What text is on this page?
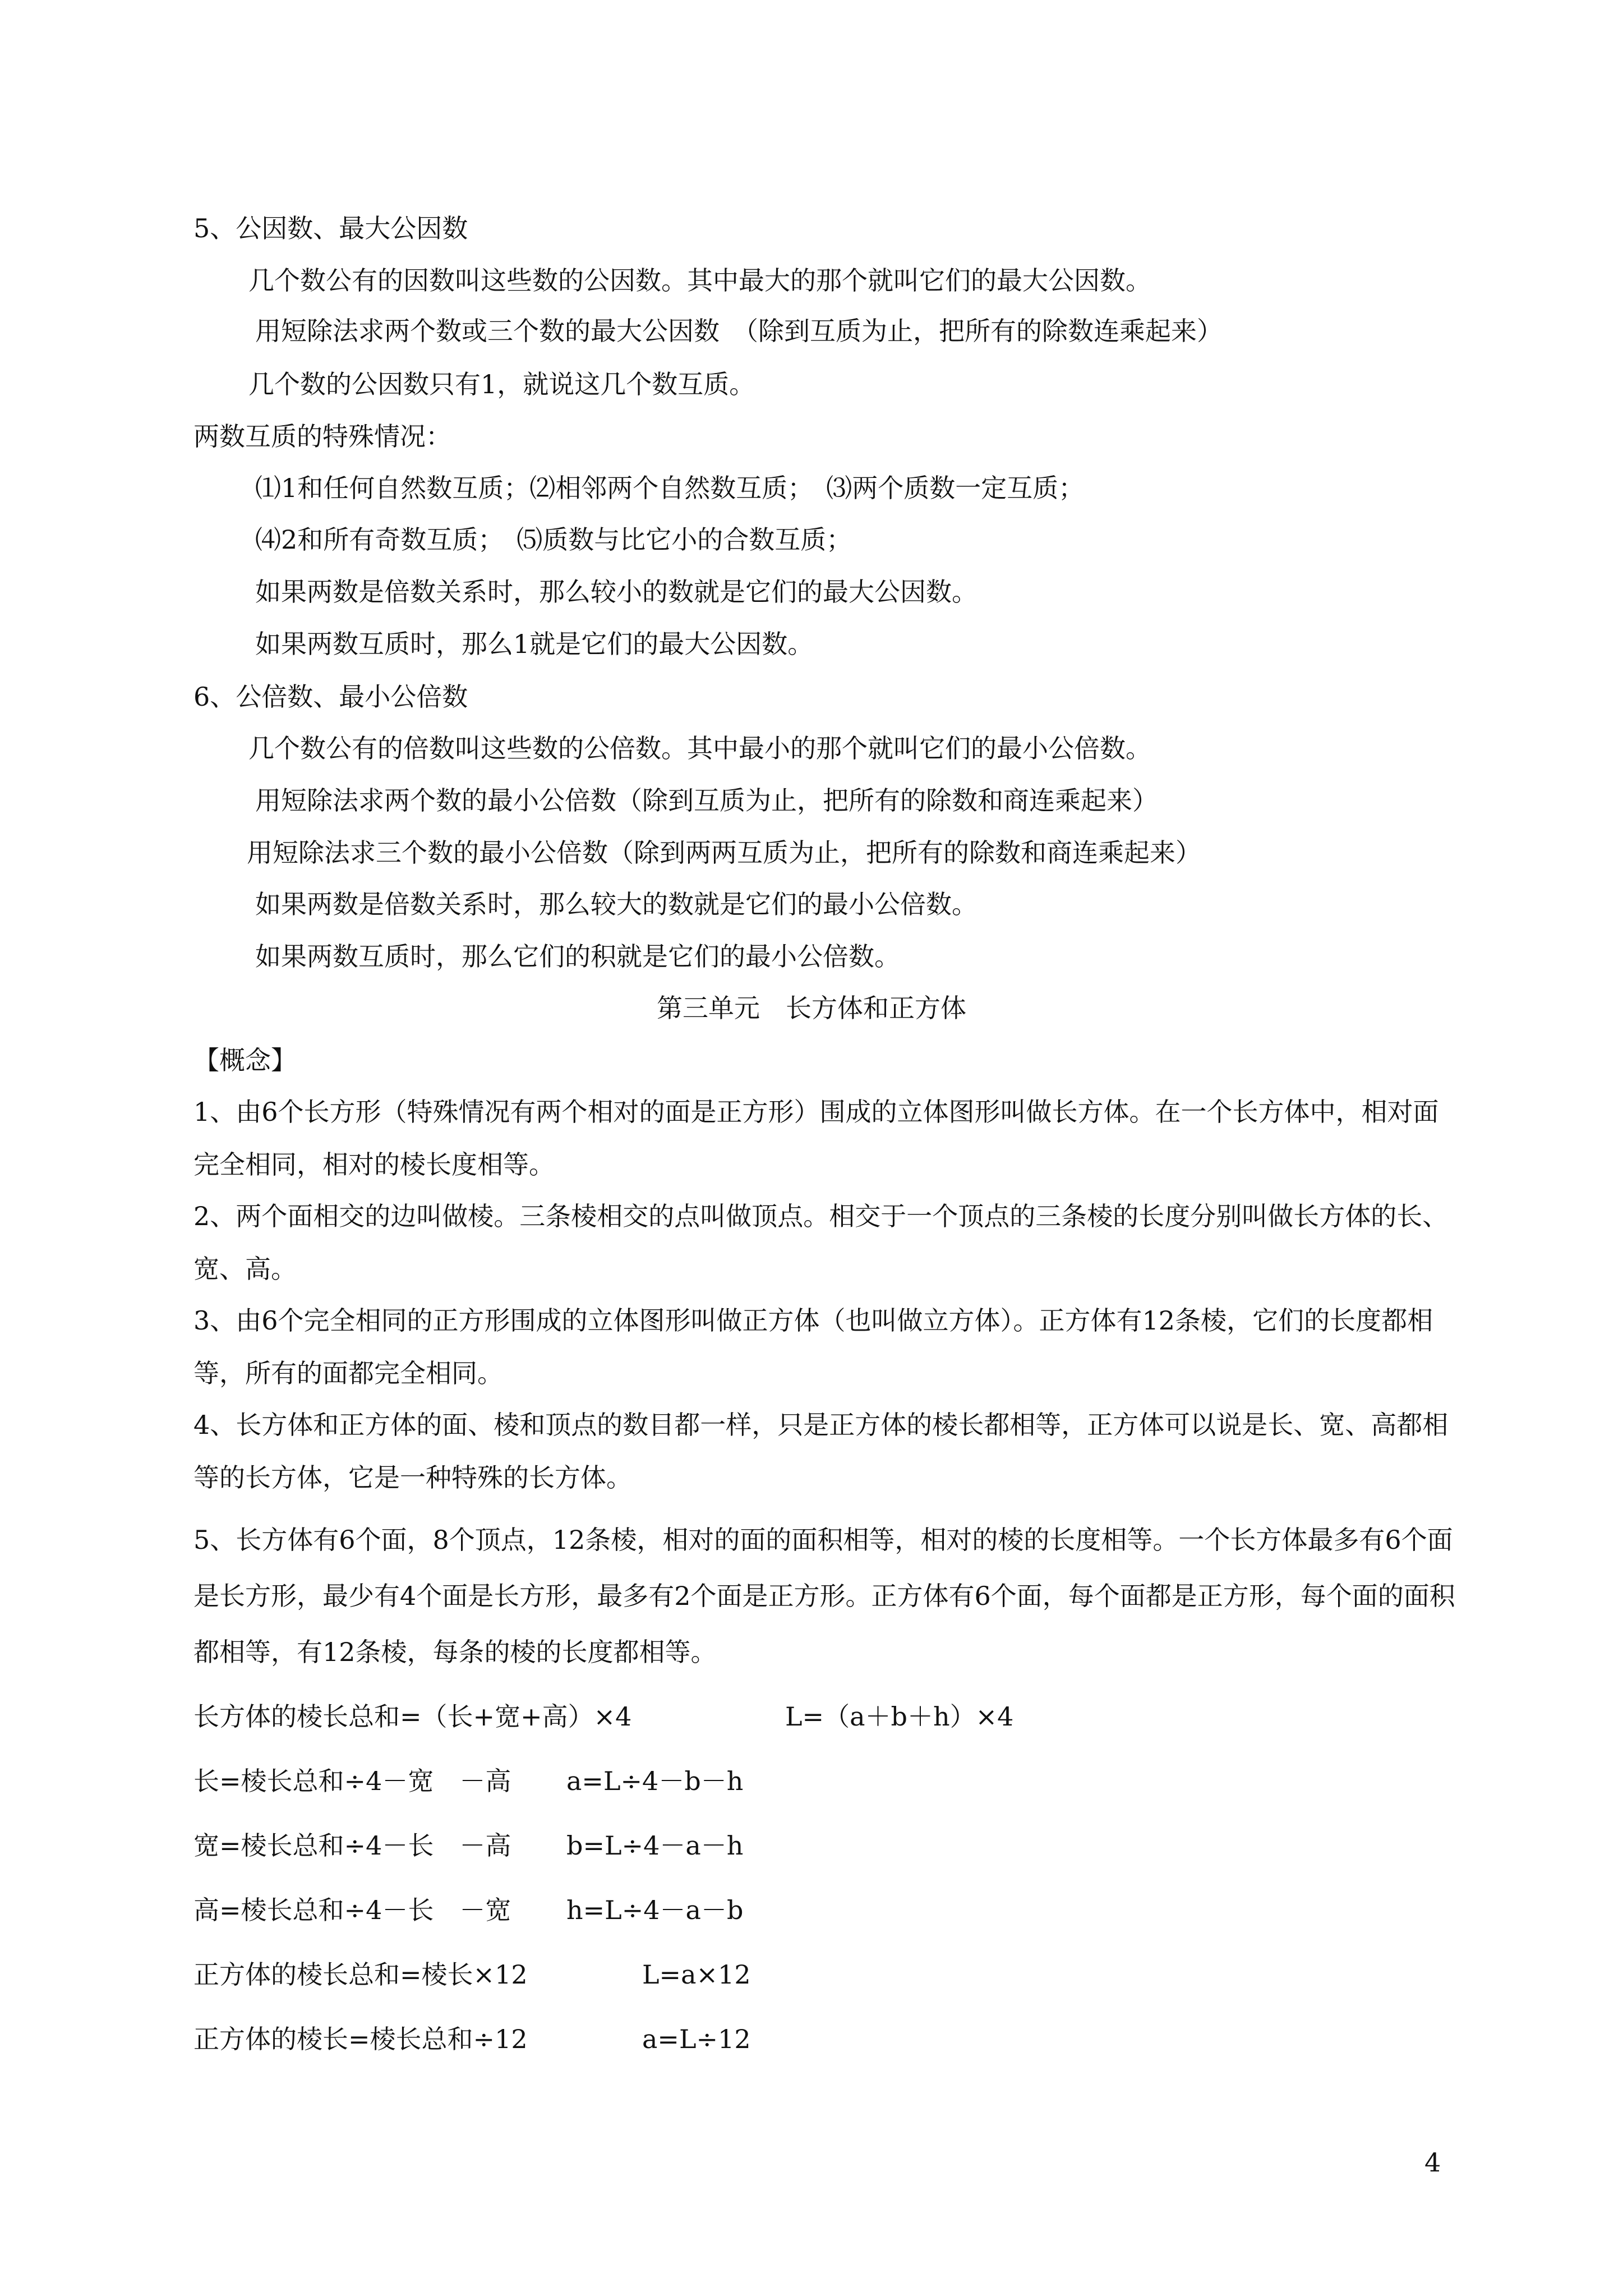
5、公因数、最大公因数
几个数公有的因数叫这些数的公因数。其中最大的那个就叫它们的最大公因数。
用短除法求两个数或三个数的最大公因数　（除到互质为止，把所有的除数连乘起来）
几个数的公因数只有1，就说这几个数互质。
两数互质的特殊情况：
⑴1和任何自然数互质；⑵相邻两个自然数互质；　⑶两个质数一定互质；
⑷2和所有奇数互质；　⑸质数与比它小的合数互质；
如果两数是倍数关系时，那么较小的数就是它们的最大公因数。
如果两数互质时，那么1就是它们的最大公因数。
6、公倍数、最小公倍数
几个数公有的倍数叫这些数的公倍数。其中最小的那个就叫它们的最小公倍数。
用短除法求两个数的最小公倍数（除到互质为止，把所有的除数和商连乘起来）
用短除法求三个数的最小公倍数（除到两两互质为止，把所有的除数和商连乘起来）
如果两数是倍数关系时，那么较大的数就是它们的最小公倍数。
如果两数互质时，那么它们的积就是它们的最小公倍数。
第三单元　长方体和正方体
【概念】
1、由6个长方形（特殊情况有两个相对的面是正方形）围成的立体图形叫做长方体。在一个长方体中，相对面完全相同，相对的棱长度相等。
2、两个面相交的边叫做棱。三条棱相交的点叫做顶点。相交于一个顶点的三条棱的长度分别叫做长方体的长、宽、高。
3、由6个完全相同的正方形围成的立体图形叫做正方体（也叫做立方体）。正方体有12条棱，它们的长度都相等，所有的面都完全相同。
4、长方体和正方体的面、棱和顶点的数目都一样，只是正方体的棱长都相等，正方体可以说是长、宽、高都相等的长方体，它是一种特殊的长方体。
5、长方体有6个面，8个顶点，12条棱，相对的面的面积相等，相对的棱的长度相等。一个长方体最多有6个面是长方形，最少有4个面是长方形，最多有2个面是正方形。正方体有6个面，每个面都是正方形，每个面的面积都相等，有12条棱，每条的棱的长度都相等。
长方体的棱长总和=（长+宽+高）×4	L=（a＋b＋h）×4
长=棱长总和÷4－宽　－高 a=L÷4－b－h
宽=棱长总和÷4－长　－高 b=L÷4－a－h
高=棱长总和÷4－长　－宽 h=L÷4－a－b
正方体的棱长总和=棱长×12	L=a×12
正方体的棱长=棱长总和÷12	a=L÷12
4
